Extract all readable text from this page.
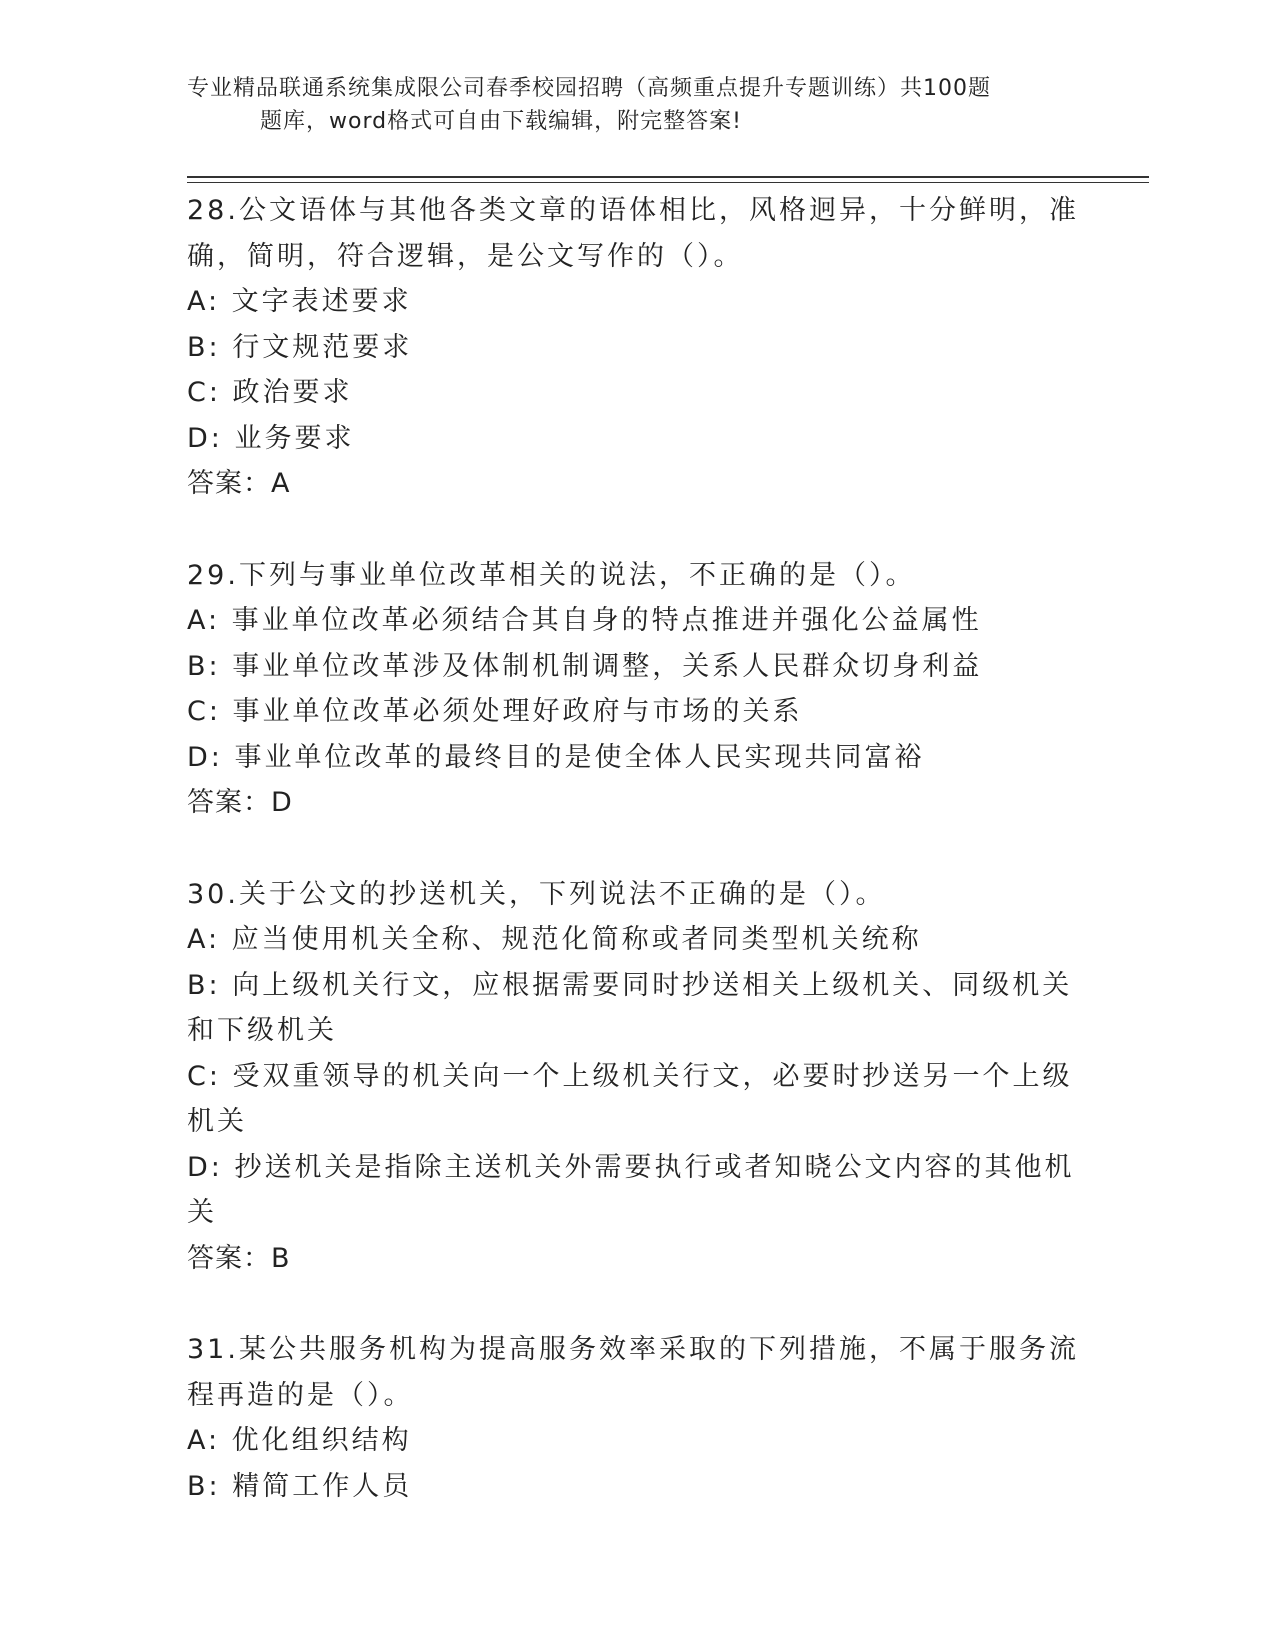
专业精品联通系统集成限公司春季校园招聘（高频重点提升专题训练）共100题
题库，word格式可自由下载编辑，附完整答案!

28.公文语体与其他各类文章的语体相比，风格迥异，十分鲜明，准确，简明，符合逻辑，是公文写作的（）。

A: 文字表述要求

B: 行文规范要求

C: 政治要求

D: 业务要求

答案：A

29.下列与事业单位改革相关的说法，不正确的是（）。

A: 事业单位改革必须结合其自身的特点推进并强化公益属性

B: 事业单位改革涉及体制机制调整，关系人民群众切身利益

C: 事业单位改革必须处理好政府与市场的关系

D: 事业单位改革的最终目的是使全体人民实现共同富裕

答案：D

30.关于公文的抄送机关，下列说法不正确的是（）。

A: 应当使用机关全称、规范化简称或者同类型机关统称

B: 向上级机关行文，应根据需要同时抄送相关上级机关、同级机关和下级机关

C: 受双重领导的机关向一个上级机关行文，必要时抄送另一个上级机关

D: 抄送机关是指除主送机关外需要执行或者知晓公文内容的其他机关

答案：B

31.某公共服务机构为提高服务效率采取的下列措施，不属于服务流程再造的是（）。

A: 优化组织结构

B: 精简工作人员
